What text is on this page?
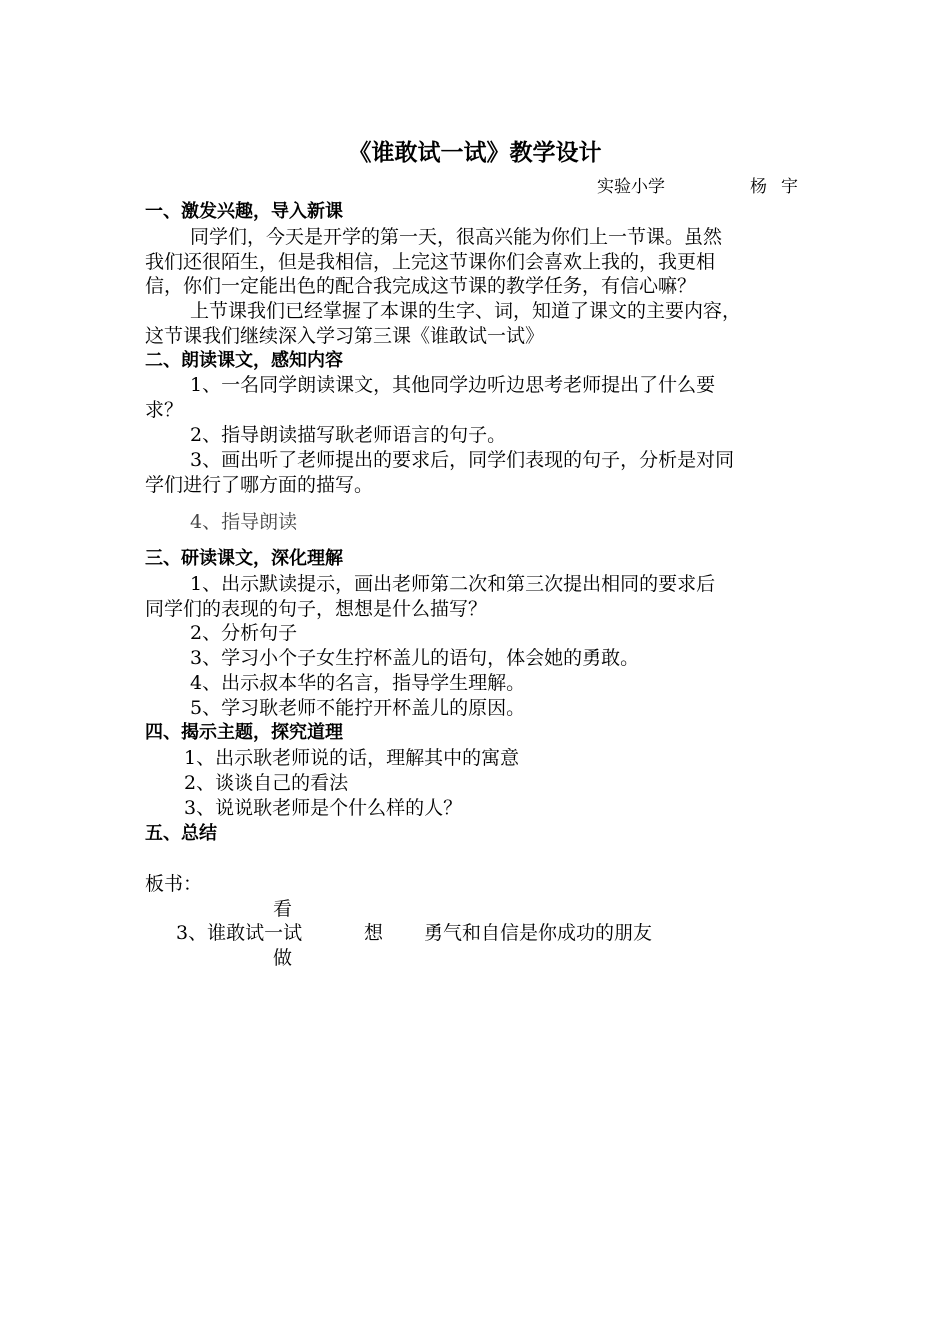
《谁敢试一试》教学设计
实验小学	杨宇
一、激发兴趣，导入新课
同学们，今天是开学的第一天，很高兴能为你们上一节课。虽然
我们还很陌生，但是我相信，上完这节课你们会喜欢上我的，我更相
信，你们一定能出色的配合我完成这节课的教学任务，有信心嘛？
上节课我们已经掌握了本课的生字、词，知道了课文的主要内容，
这节课我们继续深入学习第三课《谁敢试一试》
二、朗读课文，感知内容
1、一名同学朗读课文，其他同学边听边思考老师提出了什么要
求？
2、指导朗读描写耿老师语言的句子。
3、画出听了老师提出的要求后，同学们表现的句子，分析是对同
学们进行了哪方面的描写。
4、指导朗读
三、研读课文，深化理解
1、出示默读提示，画出老师第二次和第三次提出相同的要求后
同学们的表现的句子，想想是什么描写？
2、分析句子
3、学习小个子女生拧杯盖儿的语句，体会她的勇敢。
4、出示叔本华的名言，指导学生理解。
5、学习耿老师不能拧开杯盖儿的原因。
四、揭示主题，探究道理
1、出示耿老师说的话，理解其中的寓意
2、谈谈自己的看法
3、说说耿老师是个什么样的人？
五、总结
板书：
看
3、谁敢试一试	想 勇气和自信是你成功的朋友
做
